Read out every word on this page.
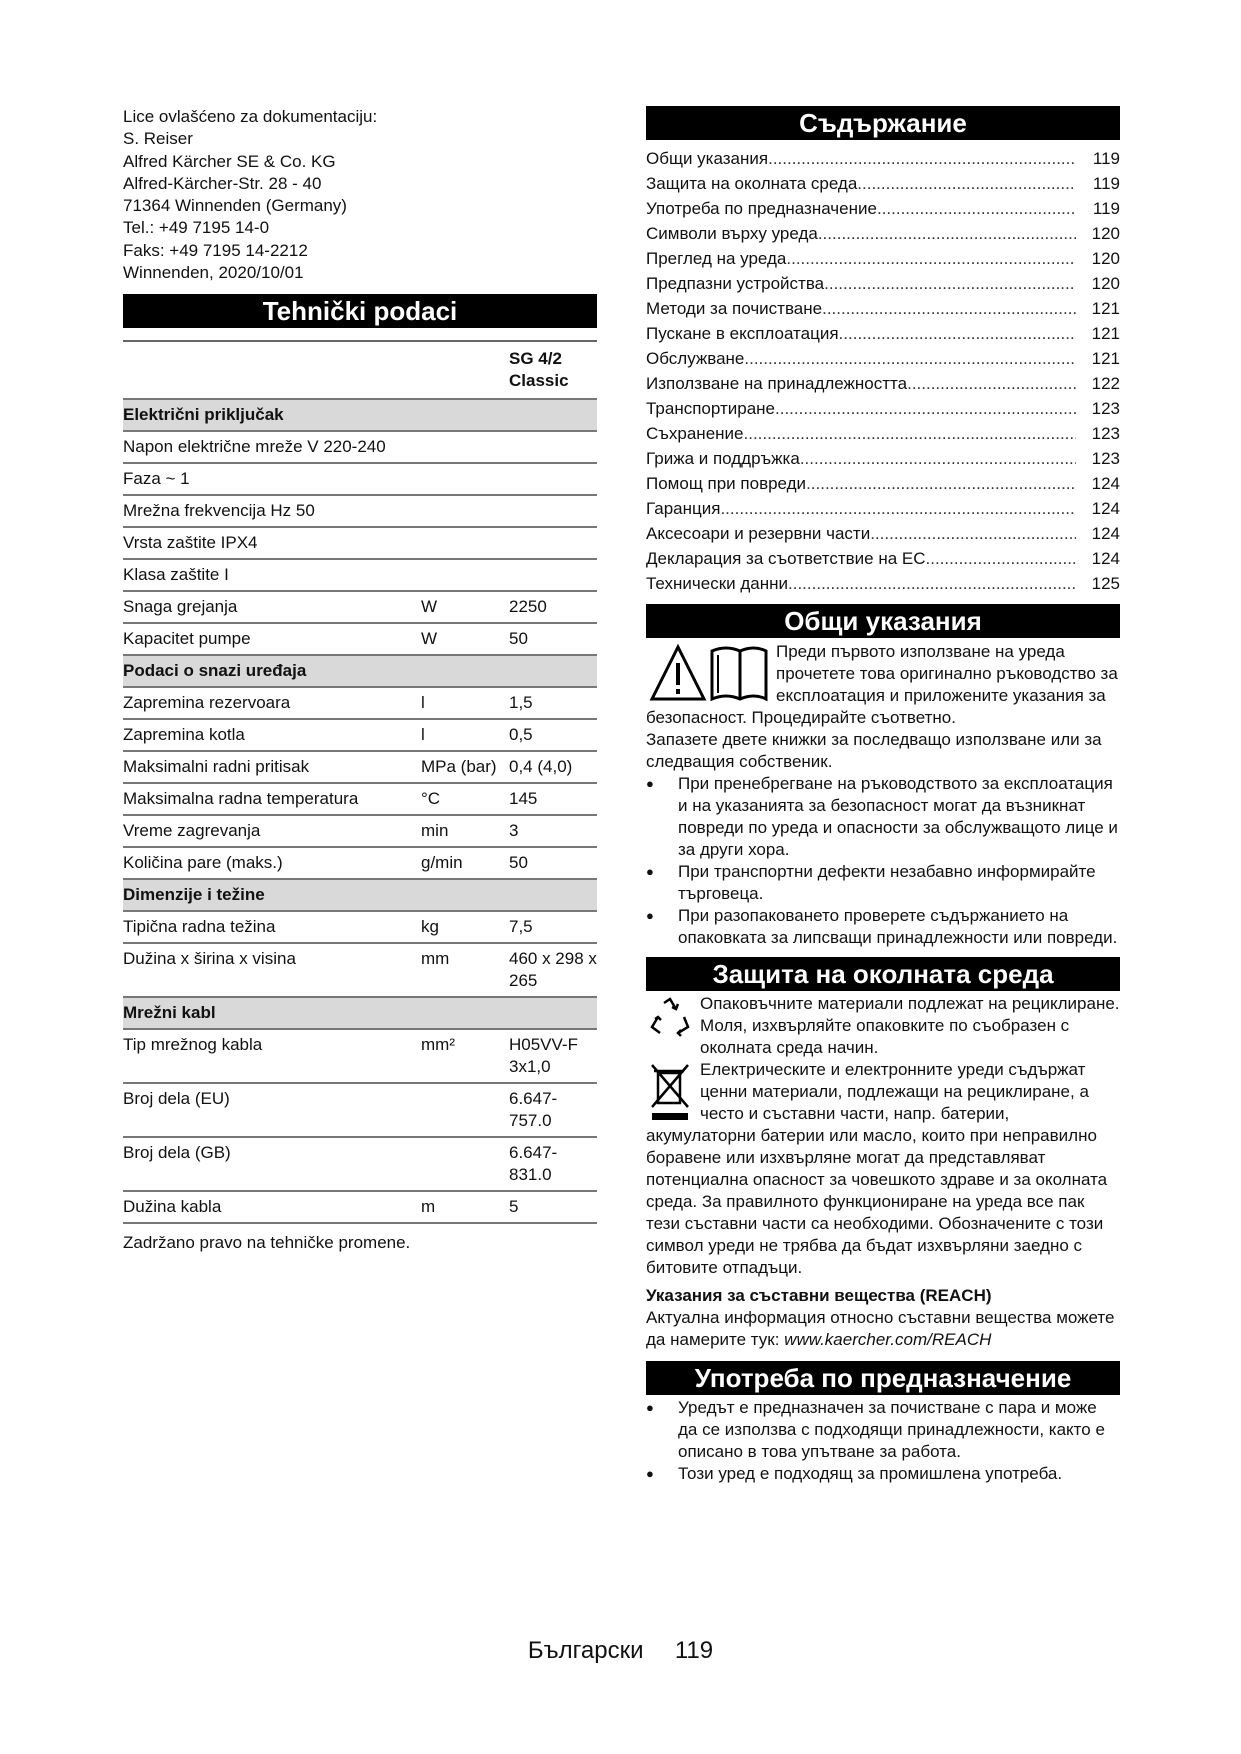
Lice ovlašćeno za dokumentaciju:
S. Reiser
Alfred Kärcher SE & Co. KG
Alfred-Kärcher-Str. 28 - 40
71364 Winnenden (Germany)
Tel.: +49 7195 14-0
Faks: +49 7195 14-2212
Winnenden, 2020/10/01
Tehnički podaci
		SG 4/2 Classic
Električni priključak		
Napon električne mreže V 220-240		
Faza ~ 1		
Mrežna frekvencija Hz 50		
Vrsta zaštite IPX4		
Klasa zaštite I		
Snaga grejanja	W	2250
Kapacitet pumpe	W	50
Podaci o snazi uređaja		
Zapremina rezervoara	l	1,5
Zapremina kotla	l	0,5
Maksimalni radni pritisak	MPa (bar)	0,4 (4,0)
Maksimalna radna temperatura	°C	145
Vreme zagrevanja	min	3
Količina pare (maks.)	g/min	50
Dimenzije i težine		
Tipična radna težina	kg	7,5
Dužina x širina x visina	mm	460 x 298 x 265
Mrežni kabl		
Tip mrežnog kabla	mm²	H05VV-F 3x1,0
Broj dela (EU)		6.647-757.0
Broj dela (GB)		6.647-831.0
Dužina kabla	m	5

Zadržano pravo na tehničke promene.

Съдържание
Общи указания .....	119
Защита на околната среда .....	119
Употреба по предназначение .....	119
Символи върху уреда .....	120
Преглед на уреда .....	120
Предпазни устройства .....	120
Методи за почистване .....	121
Пускане в експлоатация .....	121
Обслужване .....	121
Използване на принадлежността .....	122
Транспортиране .....	123
Съхранение .....	123
Грижа и поддръжка .....	123
Помощ при повреди .....	124
Гаранция .....	124
Аксесоари и резервни части .....	124
Декларация за съответствие на ЕС .....	124
Технически данни .....	125
Общи указания

Преди първото използване на уреда прочетете това оригинално ръководство за експлоатация и приложените указания за безопасност. Процедирайте съответно.

Запазете двете книжки за последващо използване или за следващия собственик.

● При пренебрегване на ръководството за експлоатация и на указанията за безопасност могат да възникнат повреди по уреда и опасности за обслужващото лице и за други хора.
● При транспортни дефекти незабавно информирайте търговеца.
● При разопаковането проверете съдържанието на опаковката за липсващи принадлежности или повреди.
Защита на околната среда

Опаковъчните материали подлежат на рециклиране. Моля, изхвърляйте опаковките по съобразен с околната среда начин.

Електрическите и електронните уреди съдържат ценни материали, подлежащи на рециклиране, а често и съставни части, напр. батерии, акумулаторни батерии или масло, които при неправилно боравене или изхвърляне могат да представляват потенциална опасност за човешкото здраве и за околната среда. За правилното функциониране на уреда все пак тези съставни части са необходими. Обозначените с този символ уреди не трябва да бъдат изхвърляни заедно с битовите отпадъци.

Указания за съставни вещества (REACH)

Актуална информация относно съставни вещества можете да намерите тук: www.kaercher.com/REACH

Употреба по предназначение
● Уредът е предназначен за почистване с пара и може да се използва с подходящи принадлежности, както е описано в това упътване за работа.
● Този уред е подходящ за промишлена употреба.
Български 119
